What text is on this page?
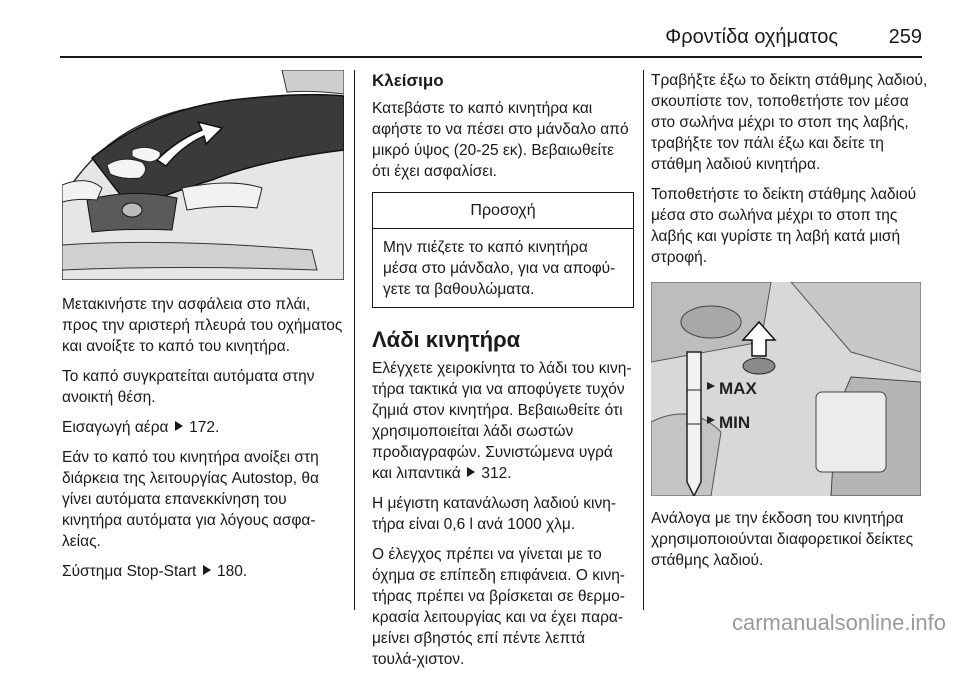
Φροντίδα οχήματος	259

Μετακινήστε την ασφάλεια στο πλάι, προς την αριστερή πλευρά του οχήματος και ανοίξτε το καπό του κινητήρα.

Το καπό συγκρατείται αυτόματα στην ανοικτή θέση.

Εισαγωγή αέρα 172.

Εάν το καπό του κινητήρα ανοίξει στη διάρκεια της λειτουργίας Autostop, θα γίνει αυτόματα επανεκκίνηση του κινητήρα αυτόματα για λόγους ασφα-λείας.

Σύστημα Stop-Start 180.

Κλείσιμο

Κατεβάστε το καπό κινητήρα και αφήστε το να πέσει στο μάνδαλο από μικρό ύψος (20-25 εκ). Βεβαιωθείτε ότι έχει ασφαλίσει.

Προσοχή
Μην πιέζετε το καπό κινητήρα μέσα στο μάνδαλο, για να αποφύ-γετε τα βαθουλώματα.
Λάδι κινητήρα

Ελέγχετε χειροκίνητα το λάδι του κινη-τήρα τακτικά για να αποφύγετε τυχόν ζημιά στον κινητήρα. Βεβαιωθείτε ότι χρησιμοποιείται λάδι σωστών προδιαγραφών. Συνιστώμενα υγρά και λιπαντικά 312.

Η μέγιστη κατανάλωση λαδιού κινη-τήρα είναι 0,6 l ανά 1000 χλμ.

Ο έλεγχος πρέπει να γίνεται με το όχημα σε επίπεδη επιφάνεια. Ο κινη-τήρας πρέπει να βρίσκεται σε θερμο-κρασία λειτουργίας και να έχει παρα-μείνει σβηστός επί πέντε λεπτά τουλά-χιστον.

Τραβήξτε έξω το δείκτη στάθμης λαδιού, σκουπίστε τον, τοποθετήστε τον μέσα στο σωλήνα μέχρι το στοπ της λαβής, τραβήξτε τον πάλι έξω και δείτε τη στάθμη λαδιού κινητήρα.

Τοποθετήστε το δείκτη στάθμης λαδιού μέσα στο σωλήνα μέχρι το στοπ της λαβής και γυρίστε τη λαβή κατά μισή στροφή.

MAX
MIN

Ανάλογα με την έκδοση του κινητήρα χρησιμοποιούνται διαφορετικοί δείκτες στάθμης λαδιού.

carmanualsonline.info
